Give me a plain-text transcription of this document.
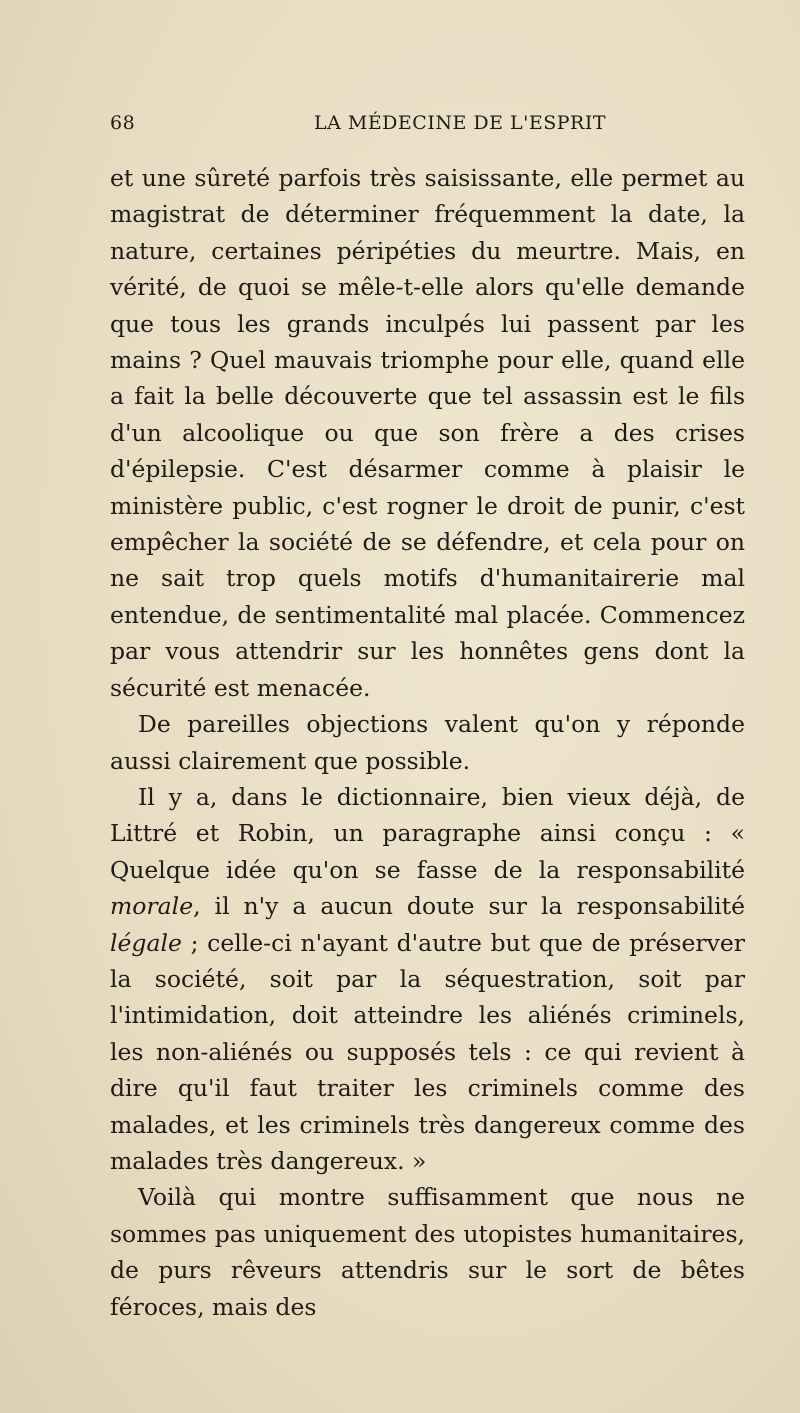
68	LA MÉDECINE DE L'ESPRIT

et une sûreté parfois très saisissante, elle permet au magistrat de déterminer fréquemment la date, la nature, certaines péripéties du meurtre. Mais, en vérité, de quoi se mêle-t-elle alors qu'elle demande que tous les grands inculpés lui passent par les mains ? Quel mauvais triomphe pour elle, quand elle a fait la belle découverte que tel assassin est le fils d'un alcoolique ou que son frère a des crises d'épilepsie. C'est désarmer comme à plaisir le ministère public, c'est rogner le droit de punir, c'est empêcher la société de se défendre, et cela pour on ne sait trop quels motifs d'humanitairerie mal entendue, de sentimentalité mal placée. Commencez par vous attendrir sur les honnêtes gens dont la sécurité est menacée.

De pareilles objections valent qu'on y réponde aussi clairement que possible.

Il y a, dans le dictionnaire, bien vieux déjà, de Littré et Robin, un paragraphe ainsi conçu : « Quelque idée qu'on se fasse de la responsabilité morale, il n'y a aucun doute sur la responsabilité légale ; celle-ci n'ayant d'autre but que de préserver la société, soit par la séquestration, soit par l'intimidation, doit atteindre les aliénés criminels, les non-aliénés ou supposés tels : ce qui revient à dire qu'il faut traiter les criminels comme des malades, et les criminels très dangereux comme des malades très dangereux. »

Voilà qui montre suffisamment que nous ne sommes pas uniquement des utopistes humanitaires, de purs rêveurs attendris sur le sort de bêtes féroces, mais des
